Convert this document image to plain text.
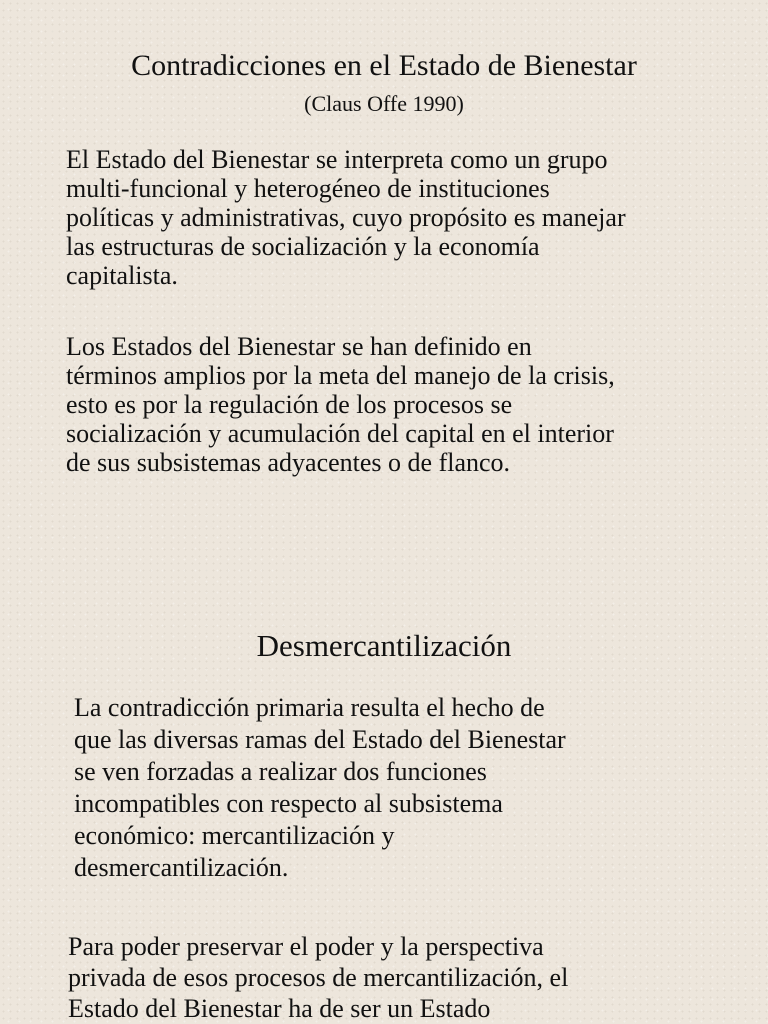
Contradicciones en el Estado de Bienestar
(Claus Offe 1990)

El Estado del Bienestar se interpreta como un grupo
multi-funcional y heterogéneo de instituciones
políticas y administrativas, cuyo propósito es manejar
las estructuras de socialización y la economía
capitalista.

Los Estados del Bienestar se han definido en
términos amplios por la meta del manejo de la crisis,
esto es por la regulación de los procesos se
socialización y acumulación del capital en el interior
de sus subsistemas adyacentes o de flanco.

Desmercantilización

La contradicción primaria resulta el hecho de
que las diversas ramas del Estado del Bienestar
se ven forzadas a realizar dos funciones
incompatibles con respecto al subsistema
económico: mercantilización y
desmercantilización.

Para poder preservar el poder y la perspectiva
privada de esos procesos de mercantilización, el
Estado del Bienestar ha de ser un Estado
